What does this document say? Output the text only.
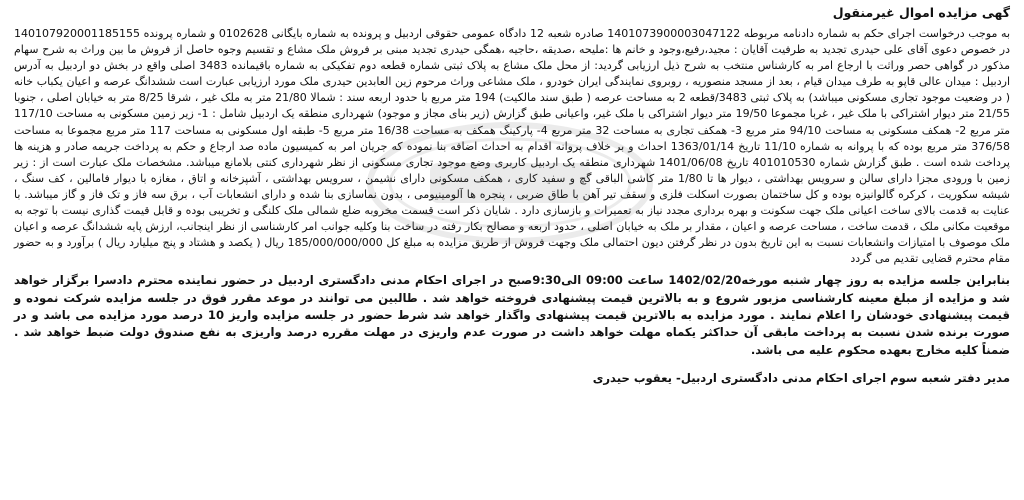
گهی مزایده اموال غیرمنقول

به موجب درخواست اجرای حکم به شماره دادنامه مربوطه 1401073900003047122 صادره شعبه 12 دادگاه عمومی حقوقی اردبیل و پرونده به شماره بایگانی 0102628 و شماره پرونده 140107920001185155 در خصوص دعوی آقای علی حیدری تجدید به طرفیت آقایان : مجید،رفیع،وجود و خانم ها :ملیحه ،صدیقه ،حاجیه ،همگی حیدری تجدید مبنی بر فروش ملک مشاع و تقسیم وجوه حاصل از فروش ما بین وراث به شرح سهام مذکور در گواهی حصر وراثت با ارجاع امر به کارشناس منتخب به شرح ذیل ارزیابی گردید: از محل ملک مشاع به پلاک ثبتی شماره قطعه دوم تفکیکی به شماره باقیمانده 3483 اصلی واقع در بخش دو اردبیل به آدرس اردبیل : میدان عالی قاپو به طرف میدان قیام ، بعد از مسجد منصوریه ، روبروی نمایندگی ایران خودرو ، ملک مشاعی وراث مرحوم زین العابدین حیدری ملک مورد ارزیابی عبارت است ششدانگ عرصه و اعیان یکباب خانه ( در وضعیت موجود تجاری مسکونی میباشد) به پلاک ثبتی 3483/قطعه 2 به مساحت عرصه ( طبق سند مالکیت) 194 متر مربع با حدود اربعه سند : شمالا 21/80 متر به ملک غیر ، شرقا 8/25 متر به خیابان اصلی ، جنوبا 21/55 متر دیوار اشتراکی با ملک غیر ، غربا مجموعا 19/50 متر دیوار اشتراکی با ملک غیر، واعیانی طبق گزارش (زیر بنای مجاز و موجود) شهرداری منطقه یک اردبیل شامل : 1- زیر زمین مسکونی به مساحت 117/10 متر مربع 2- همکف مسکونی به مساحت 94/10 متر مربع 3- همکف تجاری به مساحت 32 متر مربع 4- پارکینگ همکف به مساحت 16/38 متر مربع 5- طبقه اول مسکونی به مساحت 117 متر مربع مجموعا به مساحت 376/58 متر مربع بوده که با پروانه به شماره 11/10 تاریخ 1363/01/14 احداث و بر خلاف پروانه اقدام به احداث اضافه بنا نموده که جریان امر به کمیسیون ماده صد ارجاع و حکم به پرداخت جریمه صادر و هزینه ها پرداخت شده است . طبق گزارش شماره 401010530 تاریخ 1401/06/08 شهرداری منطقه یک اردبیل کاربری وضع موجود تجاری مسکونی از نظر شهرداری کنتی بلامانع میباشد. مشخصات ملک عبارت است از : زیر زمین با ورودی مجزا دارای سالن و سرویس بهداشتی ، دیوار ها تا 1/80 متر کاشی الباقی گچ و سفید کاری ، همکف مسکونی دارای نشیمن ، سرویس بهداشتی ، آشپزخانه و اتاق ، مغازه با دیوار فامالین ، کف سنگ ، شیشه سکوریت ، کرکره گالوانیزه بوده و کل ساختمان بصورت اسکلت فلزی و سقف تیر آهن با طاق ضربی ، پنجره ها آلومینیومی ، بدون نماسازی بنا شده و دارای انشعابات آب ، برق سه فاز و تک فاز و گاز میباشد. با عنایت به قدمت بالای ساخت اعیانی ملک جهت سکونت و بهره برداری مجدد نیاز به تعمیرات و بازسازی دارد . شایان ذکر است قسمت مخروبه ضلع شمالی ملک کلنگی و تخریبی بوده و قابل قیمت گذاری نیست با توجه به موقعیت مکانی ملک ، قدمت ساخت ، مساحت عرصه و اعیان ، مقدار بر ملک به خیابان اصلی ، حدود اربعه و مصالح بکار رفته در ساخت بنا وکلیه جوانب امر کارشناسی از نظر اینجانب، ارزش پایه ششدانگ عرصه و اعیان ملک موصوف با امتیازات وانشعابات نسبت به این تاریخ بدون در نظر گرفتن دیون احتمالی ملک وجهت فروش از طریق مزایده به مبلغ کل 185/000/000/000 ریال ( یکصد و هشتاد و پنج میلیارد ریال ) برآورد و به حضور مقام محترم قضایی تقدیم می گردد

بنابراین جلسه مزایده به روز چهار شنبه مورخه1402/02/20 ساعت 09:00 الی9:30صبح در اجرای احکام مدنی دادگستری اردبیل در حضور نماینده محترم دادسرا برگزار خواهد شد و مزایده از مبلغ معینه کارشناسی مزبور شروع و به بالاترین قیمت پیشنهادی فروخته خواهد شد . طالبین می توانند در موعد مقرر فوق در جلسه مزایده شرکت نموده و قیمت پیشنهادی خودشان را اعلام نمایند . مورد مزایده به بالاترین قیمت پیشنهادی واگذار خواهد شد شرط حضور در جلسه مزایده واریز 10 درصد مورد مزایده می باشد و در صورت برنده شدن نسبت به پرداخت مابقی آن حداکثر یکماه مهلت خواهد داشت در صورت عدم واریزی در مهلت مقرره درصد واریزی به نفع صندوق دولت ضبط خواهد شد . ضمناً کلیه مخارج بعهده محکوم علیه می باشد.

مدیر دفتر شعبه سوم اجرای احکام مدنی دادگستری اردبیل- یعقوب حیدری
